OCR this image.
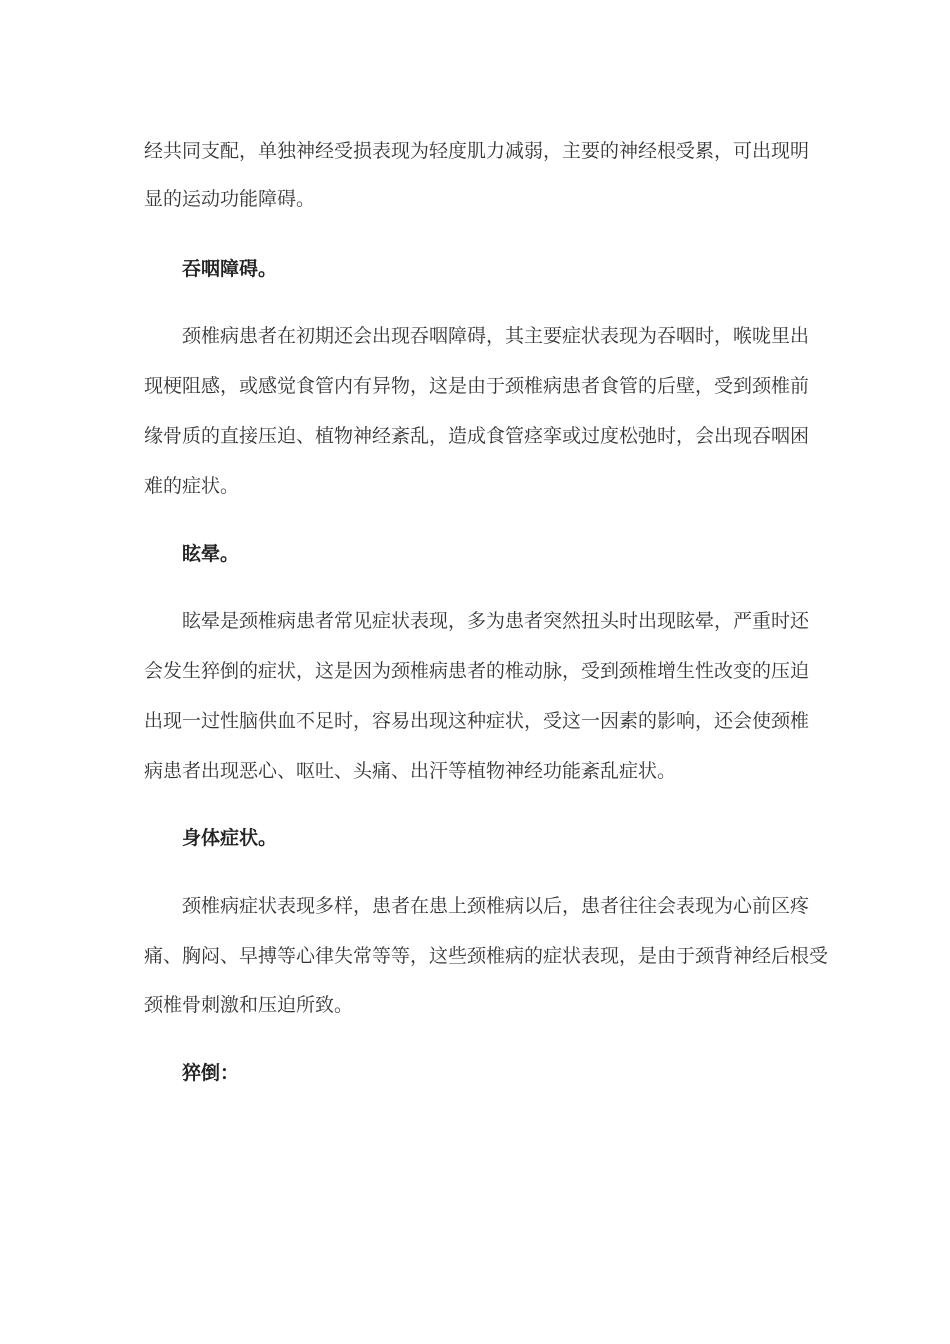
经共同支配，单独神经受损表现为轻度肌力减弱，主要的神经根受累，可出现明
显的运动功能障碍。
吞咽障碍。
颈椎病患者在初期还会出现吞咽障碍，其主要症状表现为吞咽时，喉咙里出
现梗阻感，或感觉食管内有异物，这是由于颈椎病患者食管的后壁，受到颈椎前
缘骨质的直接压迫、植物神经紊乱，造成食管痉挛或过度松弛时，会出现吞咽困
难的症状。
眩晕。
眩晕是颈椎病患者常见症状表现，多为患者突然扭头时出现眩晕，严重时还
会发生猝倒的症状，这是因为颈椎病患者的椎动脉，受到颈椎增生性改变的压迫
出现一过性脑供血不足时，容易出现这种症状，受这一因素的影响，还会使颈椎
病患者出现恶心、呕吐、头痛、出汗等植物神经功能紊乱症状。
身体症状。
颈椎病症状表现多样，患者在患上颈椎病以后，患者往往会表现为心前区疼
痛、胸闷、早搏等心律失常等等，这些颈椎病的症状表现，是由于颈背神经后根受
颈椎骨刺激和压迫所致。
猝倒：
